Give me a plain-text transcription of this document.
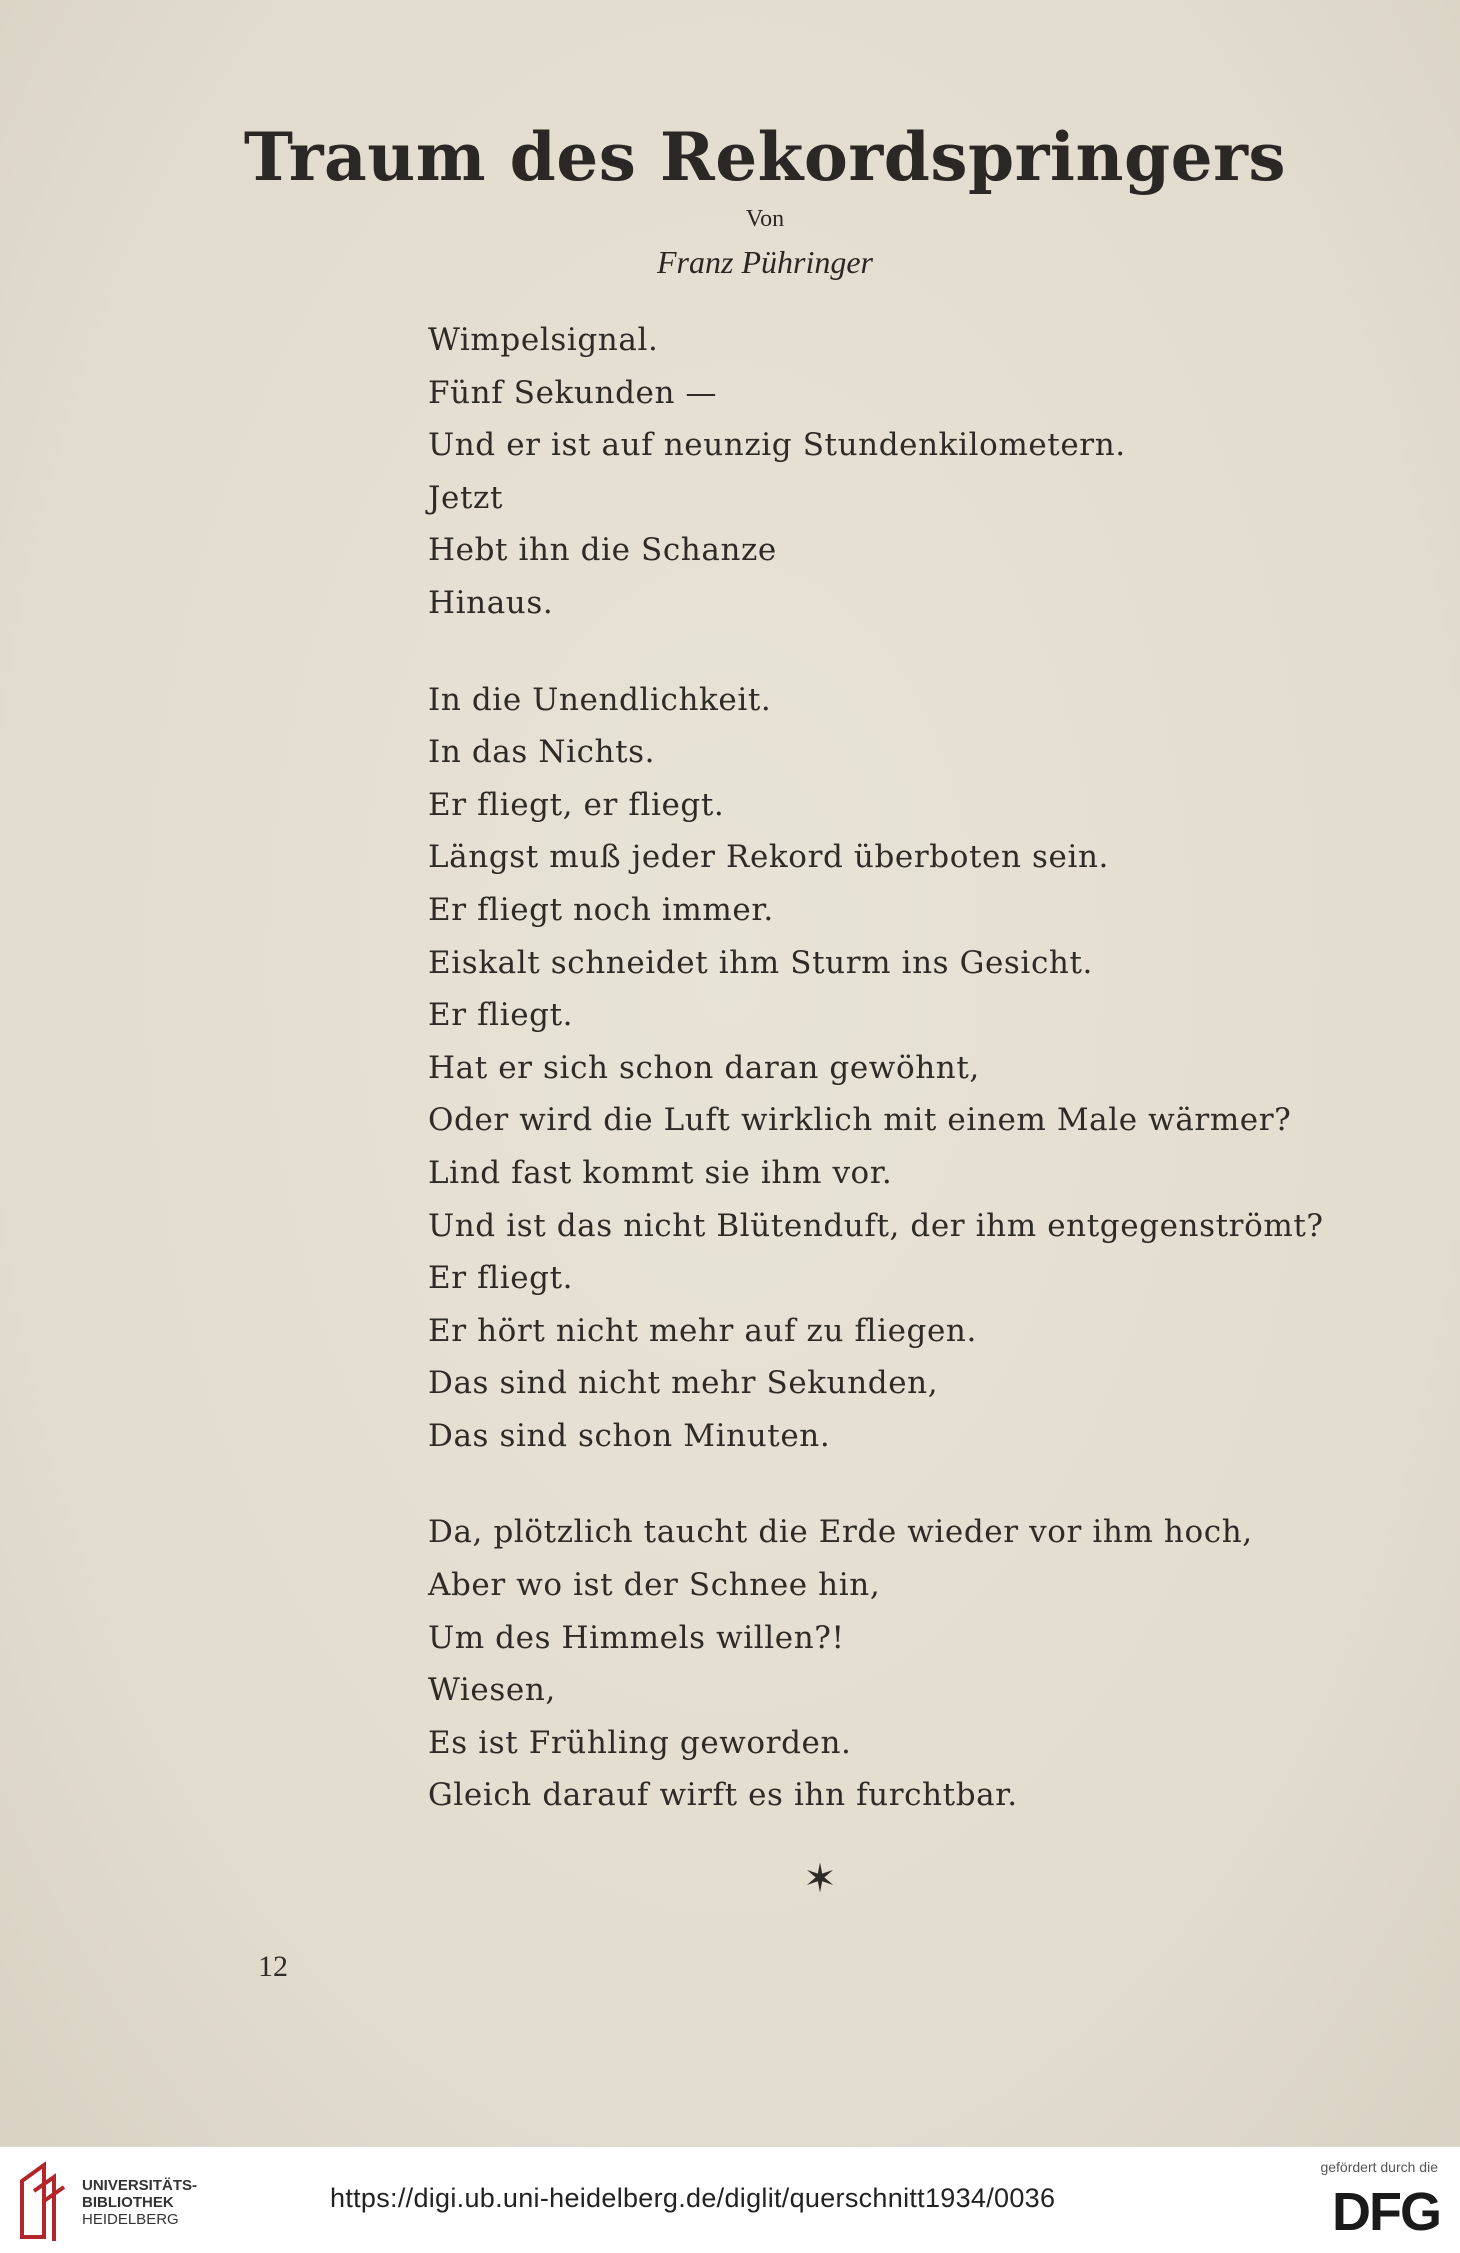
Traum des Rekordspringers
Von
Franz Pühringer
Wimpelsignal.
Fünf Sekunden —
Und er ist auf neunzig Stundenkilometern.
Jetzt
Hebt ihn die Schanze
Hinaus.
In die Unendlichkeit.
In das Nichts.
Er fliegt, er fliegt.
Längst muß jeder Rekord überboten sein.
Er fliegt noch immer.
Eiskalt schneidet ihm Sturm ins Gesicht.
Er fliegt.
Hat er sich schon daran gewöhnt,
Oder wird die Luft wirklich mit einem Male wärmer?
Lind fast kommt sie ihm vor.
Und ist das nicht Blütenduft, der ihm entgegenströmt?
Er fliegt.
Er hört nicht mehr auf zu fliegen.
Das sind nicht mehr Sekunden,
Das sind schon Minuten.
Da, plötzlich taucht die Erde wieder vor ihm hoch,
Aber wo ist der Schnee hin,
Um des Himmels willen?!
Wiesen,
Es ist Frühling geworden.
Gleich darauf wirft es ihn furchtbar.
✶
12
UNIVERSITÄTS-
BIBLIOTHEK
HEIDELBERG
https://digi.ub.uni-heidelberg.de/diglit/querschnitt1934/0036
gefördert durch die
DFG
